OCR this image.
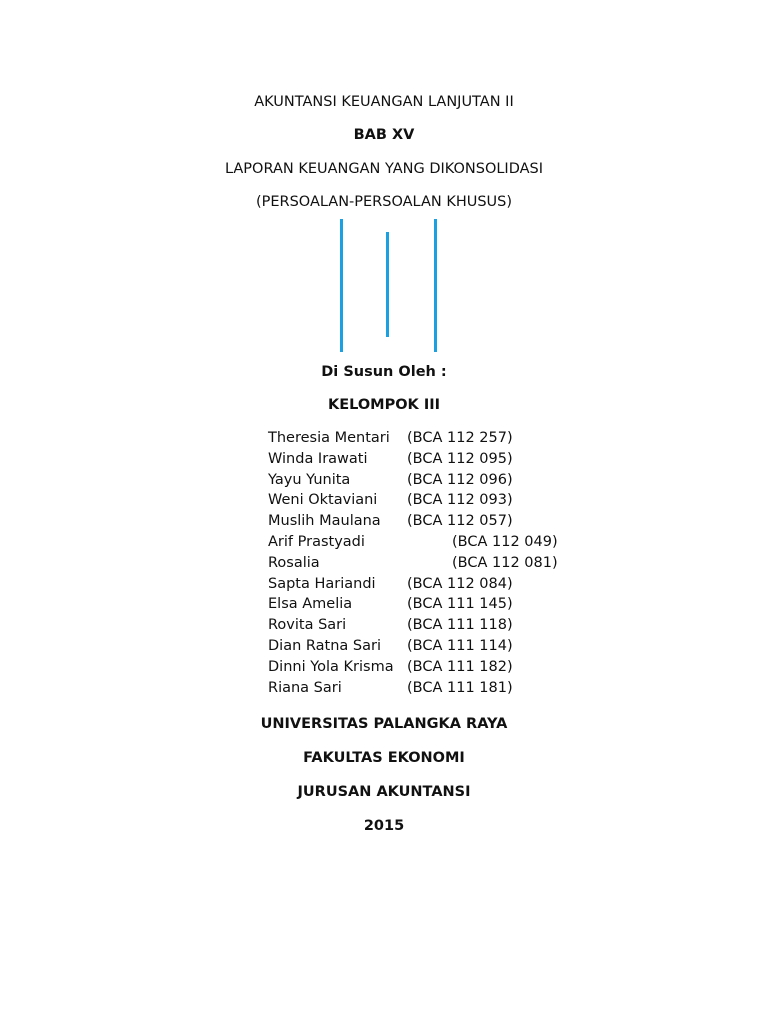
AKUNTANSI KEUANGAN LANJUTAN II
BAB XV
LAPORAN KEUANGAN YANG DIKONSOLIDASI
(PERSOALAN-PERSOALAN KHUSUS)
Di Susun Oleh :
KELOMPOK III
Theresia Mentari (BCA 112 257)
Winda Irawati	(BCA 112 095)
Yayu Yunita	(BCA 112 096)
Weni Oktaviani (BCA 112 093)
Muslih Maulana (BCA 112 057)
Arif Prastyadi	(BCA 112 049)
Rosalia	(BCA 112 081)
Sapta Hariandi (BCA 112 084)
Elsa Amelia	(BCA 111 145)
Rovita Sari	(BCA 111 118)
Dian Ratna Sari (BCA 111 114)
Dinni Yola Krisma (BCA 111 182)
Riana Sari	(BCA 111 181)
UNIVERSITAS PALANGKA RAYA
FAKULTAS EKONOMI
JURUSAN AKUNTANSI
2015
